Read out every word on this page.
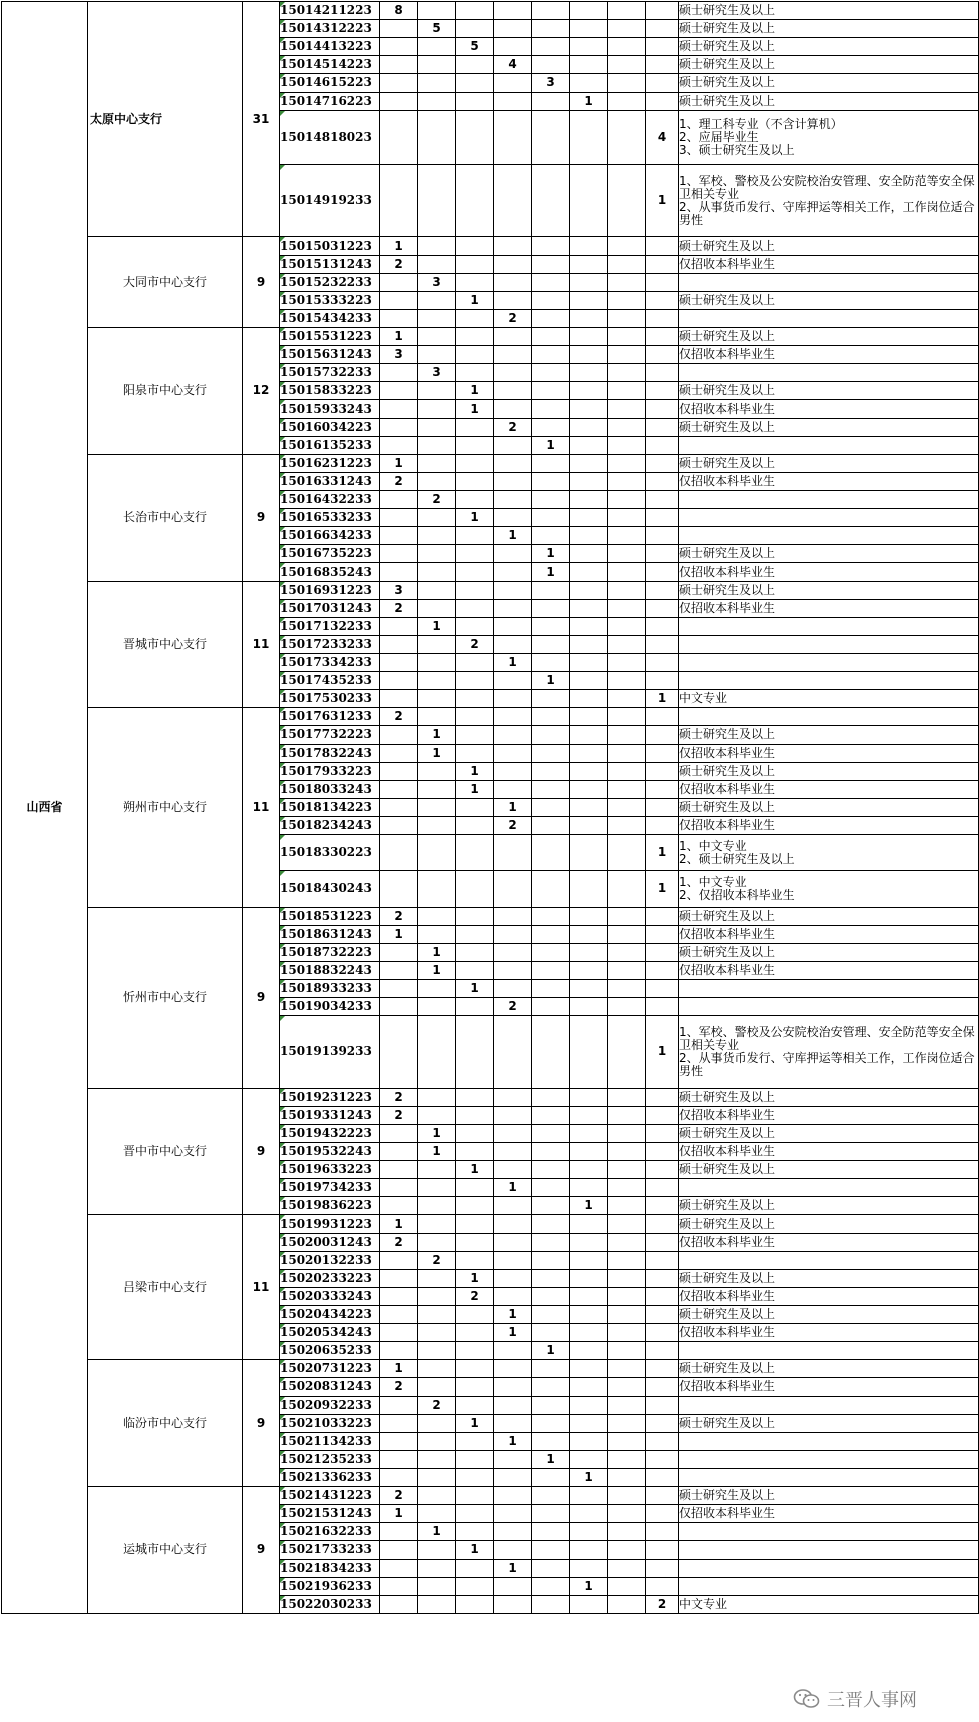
山西省	太原中心支行	31	15014211223	8								硕士研究生及以上
			15014312223		5							硕士研究生及以上
			15014413223			5						硕士研究生及以上
			15014514223				4					硕士研究生及以上
			15014615223					3				硕士研究生及以上
			15014716223						1			硕士研究生及以上
			15014818023								4	1、理工科专业（不含计算机）
2、应届毕业生
3、硕士研究生及以上
			15014919233								1	1、军校、警校及公安院校治安管理、安全防范等安全保卫相关专业
2、从事货币发行、守库押运等相关工作，工作岗位适合男性
	大同市中心支行	9	15015031223	1								硕士研究生及以上
			15015131243	2								仅招收本科毕业生
			15015232233		3							
			15015333223			1						硕士研究生及以上
			15015434233				2					
	阳泉市中心支行	12	15015531223	1								硕士研究生及以上
			15015631243	3								仅招收本科毕业生
			15015732233		3							
			15015833223			1						硕士研究生及以上
			15015933243			1						仅招收本科毕业生
			15016034223				2					硕士研究生及以上
			15016135233					1				
	长治市中心支行	9	15016231223	1								硕士研究生及以上
			15016331243	2								仅招收本科毕业生
			15016432233		2							
			15016533233			1						
			15016634233				1					
			15016735223					1				硕士研究生及以上
			15016835243					1				仅招收本科毕业生
	晋城市中心支行	11	15016931223	3								硕士研究生及以上
			15017031243	2								仅招收本科毕业生
			15017132233		1							
			15017233233			2						
			15017334233				1					
			15017435233					1				
			15017530233								1	中文专业
	朔州市中心支行	11	15017631233	2								
			15017732223		1							硕士研究生及以上
			15017832243		1							仅招收本科毕业生
			15017933223			1						硕士研究生及以上
			15018033243			1						仅招收本科毕业生
			15018134223				1					硕士研究生及以上
			15018234243				2					仅招收本科毕业生
			15018330223								1	1、中文专业
2、硕士研究生及以上
			15018430243								1	1、中文专业
2、仅招收本科毕业生
	忻州市中心支行	9	15018531223	2								硕士研究生及以上
			15018631243	1								仅招收本科毕业生
			15018732223		1							硕士研究生及以上
			15018832243		1							仅招收本科毕业生
			15018933233			1						
			15019034233				2					
			15019139233								1	1、军校、警校及公安院校治安管理、安全防范等安全保卫相关专业
2、从事货币发行、守库押运等相关工作，工作岗位适合男性
	晋中市中心支行	9	15019231223	2								硕士研究生及以上
			15019331243	2								仅招收本科毕业生
			15019432223		1							硕士研究生及以上
			15019532243		1							仅招收本科毕业生
			15019633223			1						硕士研究生及以上
			15019734233				1					
			15019836223						1			硕士研究生及以上
	吕梁市中心支行	11	15019931223	1								硕士研究生及以上
			15020031243	2								仅招收本科毕业生
			15020132233		2							
			15020233223			1						硕士研究生及以上
			15020333243			2						仅招收本科毕业生
			15020434223				1					硕士研究生及以上
			15020534243				1					仅招收本科毕业生
			15020635233					1				
	临汾市中心支行	9	15020731223	1								硕士研究生及以上
			15020831243	2								仅招收本科毕业生
			15020932233		2							
			15021033223			1						硕士研究生及以上
			15021134233				1					
			15021235233					1				
			15021336233						1			
	运城市中心支行	9	15021431223	2								硕士研究生及以上
			15021531243	1								仅招收本科毕业生
			15021632233		1							
			15021733233			1						
			15021834233				1					
			15021936233						1			
			15022030233								2	中文专业
三晋人事网
